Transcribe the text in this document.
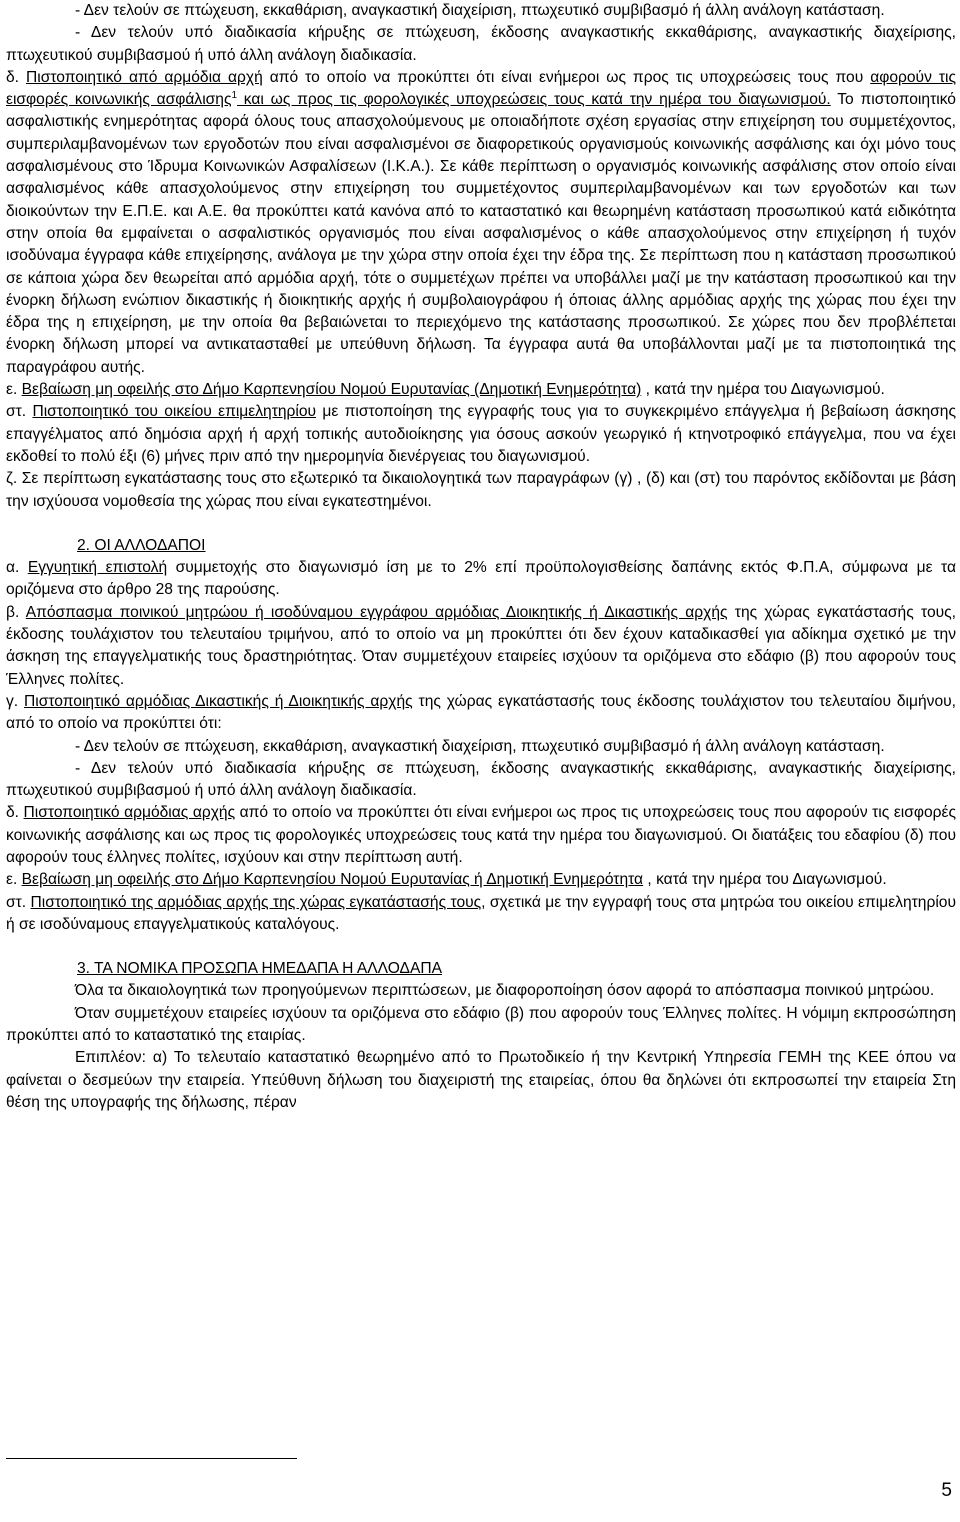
- Δεν τελούν σε πτώχευση, εκκαθάριση, αναγκαστική διαχείριση, πτωχευτικό συμβιβασμό ή άλλη ανάλογη κατάσταση.

- Δεν τελούν υπό διαδικασία κήρυξης σε πτώχευση, έκδοσης αναγκαστικής εκκαθάρισης, αναγκαστικής διαχείρισης, πτωχευτικού συμβιβασμού ή υπό άλλη ανάλογη διαδικασία.

δ. Πιστοποιητικό από αρμόδια αρχή από το οποίο να προκύπτει ότι είναι ενήμεροι ως προς τις υποχρεώσεις τους που αφορούν τις εισφορές κοινωνικής ασφάλισης$^1$ και ως προς τις φορολογικές υποχρεώσεις τους κατά την ημέρα του διαγωνισμού. Το πιστοποιητικό ασφαλιστικής ενημερότητας αφορά όλους τους απασχολούμενους με οποιαδήποτε σχέση εργασίας στην επιχείρηση του συμμετέχοντος, συμπεριλαμβανομένων των εργοδοτών που είναι ασφαλισμένοι σε διαφορετικούς οργανισμούς κοινωνικής ασφάλισης και όχι μόνο τους ασφαλισμένους στο Ίδρυμα Κοινωνικών Ασφαλίσεων (Ι.Κ.Α.). Σε κάθε περίπτωση ο οργανισμός κοινωνικής ασφάλισης στον οποίο είναι ασφαλισμένος κάθε απασχολούμενος στην επιχείρηση του συμμετέχοντος συμπεριλαμβανομένων και των εργοδοτών και των διοικούντων την Ε.Π.Ε. και Α.Ε. θα προκύπτει κατά κανόνα από το καταστατικό και θεωρημένη κατάσταση προσωπικού κατά ειδικότητα στην οποία θα εμφαίνεται ο ασφαλιστικός οργανισμός που είναι ασφαλισμένος ο κάθε απασχολούμενος στην επιχείρηση ή τυχόν ισοδύναμα έγγραφα κάθε επιχείρησης, ανάλογα με την χώρα στην οποία έχει την έδρα της. Σε περίπτωση που η κατάσταση προσωπικού σε κάποια χώρα δεν θεωρείται από αρμόδια αρχή, τότε ο συμμετέχων πρέπει να υποβάλλει μαζί με την κατάσταση προσωπικού και την ένορκη δήλωση ενώπιον δικαστικής ή διοικητικής αρχής ή συμβολαιογράφου ή όποιας άλλης αρμόδιας αρχής της χώρας που έχει την έδρα της η επιχείρηση, με την οποία θα βεβαιώνεται το περιεχόμενο της κατάστασης προσωπικού. Σε χώρες που δεν προβλέπεται ένορκη δήλωση μπορεί να αντικατασταθεί με υπεύθυνη δήλωση. Τα έγγραφα αυτά θα υποβάλλονται μαζί με τα πιστοποιητικά της παραγράφου αυτής.

ε. Βεβαίωση μη οφειλής στο Δήμο Καρπενησίου Νομού Ευρυτανίας (Δημοτική Ενημερότητα) , κατά την ημέρα του Διαγωνισμού.

στ. Πιστοποιητικό του οικείου επιμελητηρίου με πιστοποίηση της εγγραφής τους για το συγκεκριμένο επάγγελμα ή βεβαίωση άσκησης επαγγέλματος από δημόσια αρχή ή αρχή τοπικής αυτοδιοίκησης για όσους ασκούν γεωργικό ή κτηνοτροφικό επάγγελμα, που να έχει εκδοθεί το πολύ έξι (6) μήνες πριν από την ημερομηνία διενέργειας του διαγωνισμού.

ζ. Σε περίπτωση εγκατάστασης τους στο εξωτερικό τα δικαιολογητικά των παραγράφων (γ) , (δ) και (στ) του παρόντος εκδίδονται με βάση την ισχύουσα νομοθεσία της χώρας που είναι εγκατεστημένοι.

2. ΟΙ ΑΛΛΟΔΑΠΟΙ

α. Εγγυητική επιστολή συμμετοχής στο διαγωνισμό ίση με το 2% επί προϋπολογισθείσης δαπάνης εκτός Φ.Π.Α, σύμφωνα με τα οριζόμενα στο άρθρο 28 της παρούσης.

β. Απόσπασμα ποινικού μητρώου ή ισοδύναμου εγγράφου αρμόδιας Διοικητικής ή Δικαστικής αρχής της χώρας εγκατάστασής τους, έκδοσης τουλάχιστον του τελευταίου τριμήνου, από το οποίο να μη προκύπτει ότι δεν έχουν καταδικασθεί για αδίκημα σχετικό με την άσκηση της επαγγελματικής τους δραστηριότητας. Όταν συμμετέχουν εταιρείες ισχύουν τα οριζόμενα στο εδάφιο (β) που αφορούν τους Έλληνες πολίτες.

γ. Πιστοποιητικό αρμόδιας Δικαστικής ή Διοικητικής αρχής της χώρας εγκατάστασής τους έκδοσης τουλάχιστον του τελευταίου διμήνου, από το οποίο να προκύπτει ότι:

- Δεν τελούν σε πτώχευση, εκκαθάριση, αναγκαστική διαχείριση, πτωχευτικό συμβιβασμό ή άλλη ανάλογη κατάσταση.

- Δεν τελούν υπό διαδικασία κήρυξης σε πτώχευση, έκδοσης αναγκαστικής εκκαθάρισης, αναγκαστικής διαχείρισης, πτωχευτικού συμβιβασμού ή υπό άλλη ανάλογη διαδικασία.

δ. Πιστοποιητικό αρμόδιας αρχής από το οποίο να προκύπτει ότι είναι ενήμεροι ως προς τις υποχρεώσεις τους που αφορούν τις εισφορές κοινωνικής ασφάλισης και ως προς τις φορολογικές υποχρεώσεις τους κατά την ημέρα του διαγωνισμού. Οι διατάξεις του εδαφίου (δ) που αφορούν τους έλληνες πολίτες, ισχύουν και στην περίπτωση αυτή.

ε. Βεβαίωση μη οφειλής στο Δήμο Καρπενησίου Νομού Ευρυτανίας ή Δημοτική Ενημερότητα , κατά την ημέρα του Διαγωνισμού.

στ. Πιστοποιητικό της αρμόδιας αρχής της χώρας εγκατάστασής τους, σχετικά με την εγγραφή τους στα μητρώα του οικείου επιμελητηρίου ή σε ισοδύναμους επαγγελματικούς καταλόγους.

3. ΤΑ ΝΟΜΙΚΑ ΠΡΟΣΩΠΑ ΗΜΕΔΑΠΑ Η ΑΛΛΟΔΑΠΑ

Όλα τα δικαιολογητικά των προηγούμενων περιπτώσεων, με διαφοροποίηση όσον αφορά το απόσπασμα ποινικού μητρώου.

Όταν συμμετέχουν εταιρείες ισχύουν τα οριζόμενα στο εδάφιο (β) που αφορούν τους Έλληνες πολίτες. Η νόμιμη εκπροσώπηση προκύπτει από το καταστατικό της εταιρίας.

Επιπλέον: α) Το τελευταίο καταστατικό θεωρημένο από το Πρωτοδικείο ή την Κεντρική Υπηρεσία ΓΕΜΗ της ΚΕΕ όπου να φαίνεται ο δεσμεύων την εταιρεία. Υπεύθυνη δήλωση του διαχειριστή της εταιρείας, όπου θα δηλώνει ότι εκπροσωπεί την εταιρεία Στη θέση της υπογραφής της δήλωσης, πέραν

5
